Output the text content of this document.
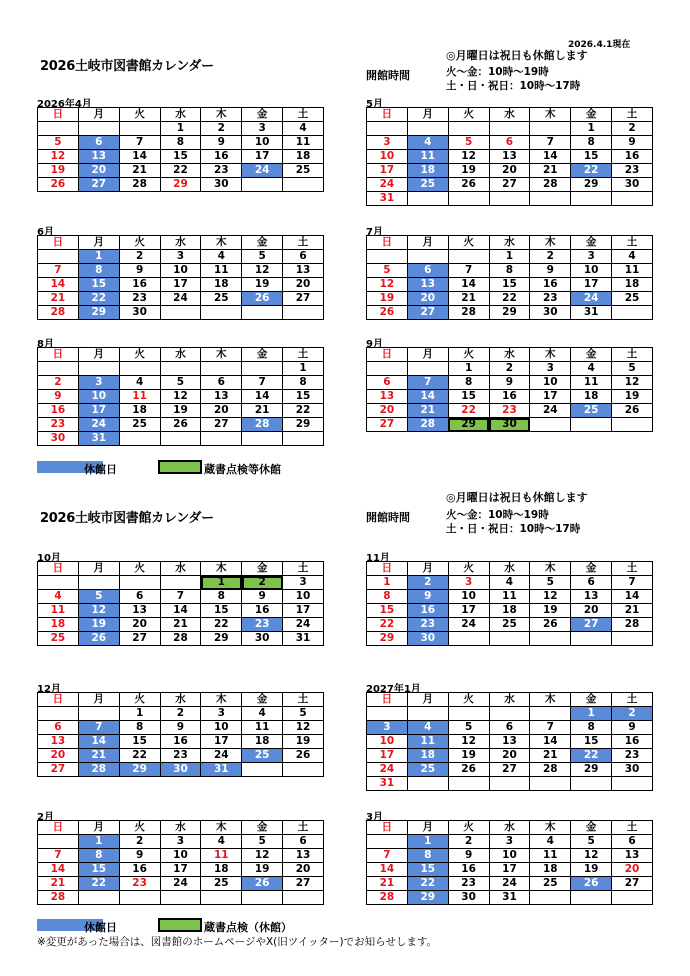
2026.4.1現在
2026土岐市図書館カレンダー
開館時間
◎月曜日は祝日も休館します
火～金：10時～19時
土・日・祝日：10時～17時
2026土岐市図書館カレンダー	開館時間
◎月曜日は祝日も休館します
火～金：10時～19時
土・日・祝日：10時～17時
2026年4月
日	月	火	水	木	金	土
			1	2	3	4
5	6	7	8	9	10	11
12	13	14	15	16	17	18
19	20	21	22	23	24	25
26	27	28	29	30		
5月
日	月	火	水	木	金	土
					1	2
3	4	5	6	7	8	9
10	11	12	13	14	15	16
17	18	19	20	21	22	23
24	25	26	27	28	29	30
31						
6月
日	月	火	水	木	金	土
	1	2	3	4	5	6
7	8	9	10	11	12	13
14	15	16	17	18	19	20
21	22	23	24	25	26	27
28	29	30				
7月
日	月	火	水	木	金	土
			1	2	3	4
5	6	7	8	9	10	11
12	13	14	15	16	17	18
19	20	21	22	23	24	25
26	27	28	29	30	31	
8月
日	月	火	水	木	金	土
						1
2	3	4	5	6	7	8
9	10	11	12	13	14	15
16	17	18	19	20	21	22
23	24	25	26	27	28	29
30	31					
9月
日	月	火	水	木	金	土
		1	2	3	4	5
6	7	8	9	10	11	12
13	14	15	16	17	18	19
20	21	22	23	24	25	26
27	28	29	30			
10月
日	月	火	水	木	金	土
				1	2	3
4	5	6	7	8	9	10
11	12	13	14	15	16	17
18	19	20	21	22	23	24
25	26	27	28	29	30	31
11月
日	月	火	水	木	金	土
1	2	3	4	5	6	7
8	9	10	11	12	13	14
15	16	17	18	19	20	21
22	23	24	25	26	27	28
29	30					
12月
日	月	火	水	木	金	土
		1	2	3	4	5
6	7	8	9	10	11	12
13	14	15	16	17	18	19
20	21	22	23	24	25	26
27	28	29	30	31		
2027年1月
日	月	火	水	木	金	土
					1	2
3	4	5	6	7	8	9
10	11	12	13	14	15	16
17	18	19	20	21	22	23
24	25	26	27	28	29	30
31						
2月
日	月	火	水	木	金	土
	1	2	3	4	5	6
7	8	9	10	11	12	13
14	15	16	17	18	19	20
21	22	23	24	25	26	27
28						
3月
日	月	火	水	木	金	土
	1	2	3	4	5	6
7	8	9	10	11	12	13
14	15	16	17	18	19	20
21	22	23	24	25	26	27
28	29	30	31			
休館日	蔵書点検等休館
休館日	蔵書点検（休館）
※変更があった場合は、図書館のホームページやX(旧ツイッター)でお知らせします。
